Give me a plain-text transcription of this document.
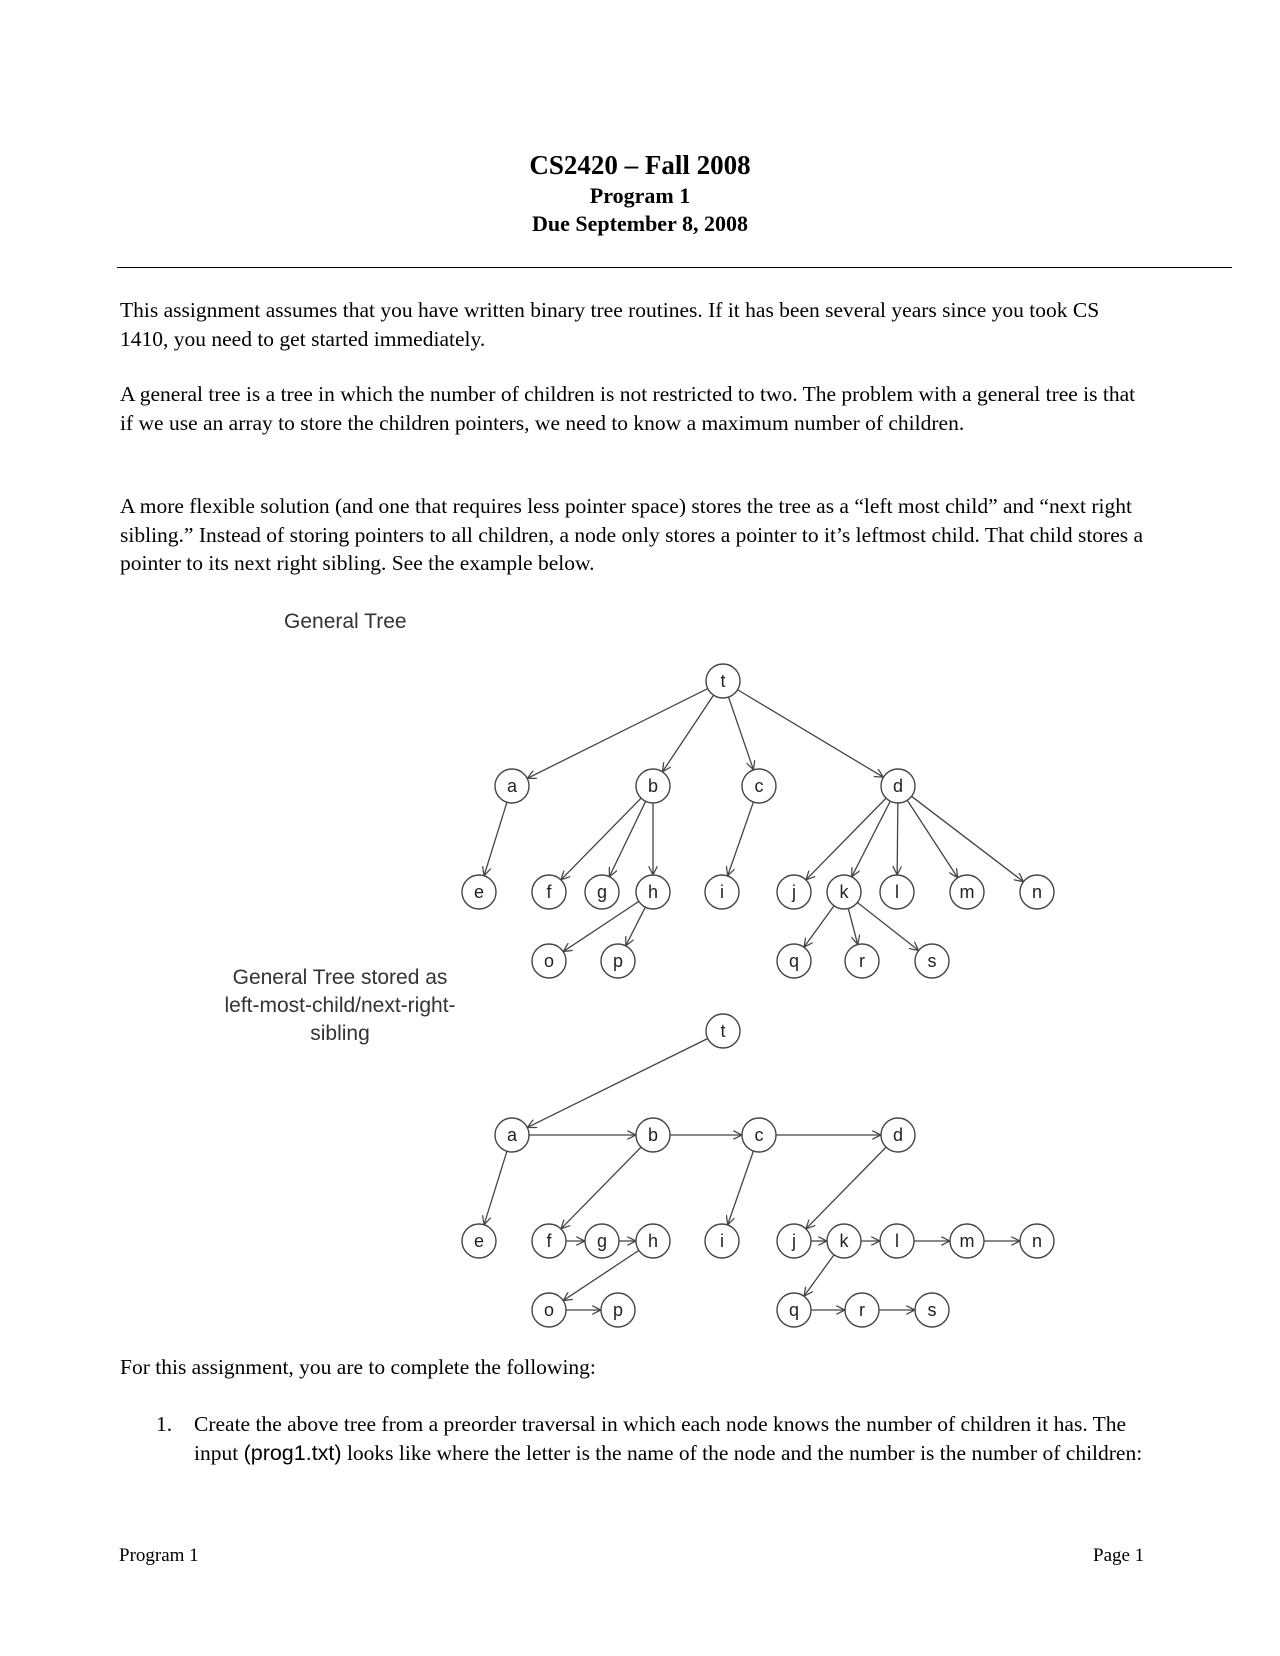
CS2420 – Fall 2008
Program 1
Due September 8, 2008

This assignment assumes that you have written binary tree routines. If it has been several years since you took CS 1410, you need to get started immediately.

A general tree is a tree in which the number of children is not restricted to two. The problem with a general tree is that if we use an array to store the children pointers, we need to know a maximum number of children.

A more flexible solution (and one that requires less pointer space) stores the tree as a “left most child” and “next right sibling.” Instead of storing pointers to all children, a node only stores a pointer to it’s leftmost child. That child stores a pointer to its next right sibling. See the example below.

General Tree
General Tree stored as
left-most-child/next-right-
sibling
t
a	b	c	d
e	f	g h	i	j k	l	m	n
o	p	q	r	s
t
a	b	c	d
e	f	g h	i	j k	l	m	n
o	p	q	r	s

For this assignment, you are to complete the following:

1. Create the above tree from a preorder traversal in which each node knows the number of children it has. The input (prog1.txt) looks like where the letter is the name of the node and the number is the number of children:
Program 1	Page 1
